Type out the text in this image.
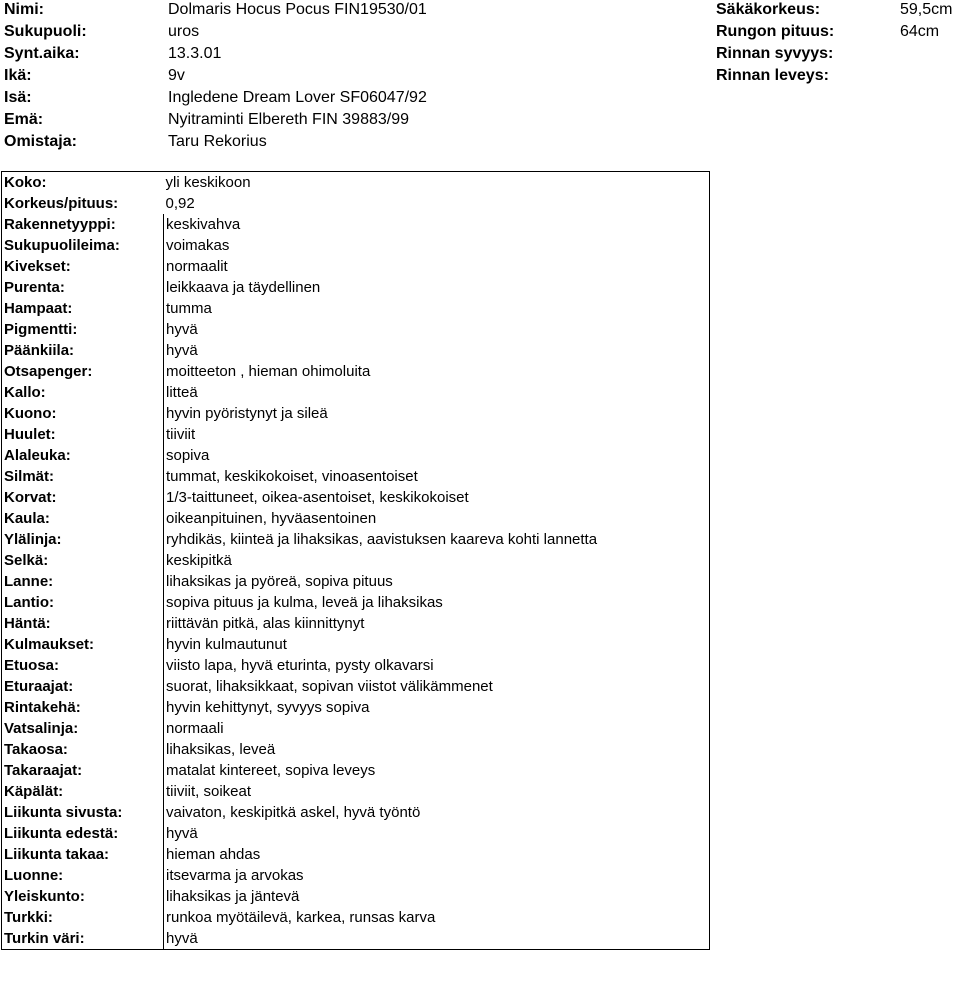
Nimi:	Dolmaris Hocus Pocus FIN19530/01
Sukupuoli:	uros
Synt.aika:	13.3.01
Ikä:	9v
Isä:	Ingledene Dream Lover SF06047/92
Emä:	Nyitraminti Elbereth FIN 39883/99
Omistaja:	Taru Rekorius
Säkäkorkeus:	59,5cm
Rungon pituus:	64cm
Rinnan syvyys:
Rinnan leveys:
Koko:	yli keskikoon
Korkeus/pituus:	0,92
Rakennetyyppi:	keskivahva
Sukupuolileima:	voimakas
Kivekset:	normaalit
Purenta:	leikkaava ja täydellinen
Hampaat:	tumma
Pigmentti:	hyvä
Päänkiila:	hyvä
Otsapenger:	moitteeton , hieman ohimoluita
Kallo:	litteä
Kuono:	hyvin pyöristynyt ja sileä
Huulet:	tiiviit
Alaleuka:	sopiva
Silmät:	tummat, keskikokoiset, vinoasentoiset
Korvat:	1/3-taittuneet, oikea-asentoiset, keskikokoiset
Kaula:	oikeanpituinen, hyväasentoinen
Ylälinja:	ryhdikäs, kiinteä ja lihaksikas, aavistuksen kaareva kohti lannetta
Selkä:	keskipitkä
Lanne:	lihaksikas ja pyöreä, sopiva pituus
Lantio:	sopiva pituus ja kulma, leveä ja lihaksikas
Häntä:	riittävän pitkä, alas kiinnittynyt
Kulmaukset:	hyvin kulmautunut
Etuosa:	viisto lapa, hyvä eturinta, pysty olkavarsi
Eturaajat:	suorat, lihaksikkaat, sopivan viistot välikämmenet
Rintakehä:	hyvin kehittynyt, syvyys sopiva
Vatsalinja:	normaali
Takaosa:	lihaksikas, leveä
Takaraajat:	matalat kintereet, sopiva leveys
Käpälät:	tiiviit, soikeat
Liikunta sivusta:	vaivaton, keskipitkä askel, hyvä työntö
Liikunta edestä:	hyvä
Liikunta takaa:	hieman ahdas
Luonne:	itsevarma ja arvokas
Yleiskunto:	lihaksikas ja jäntevä
Turkki:	runkoa myötäilevä, karkea, runsas karva
Turkin väri:	hyvä
